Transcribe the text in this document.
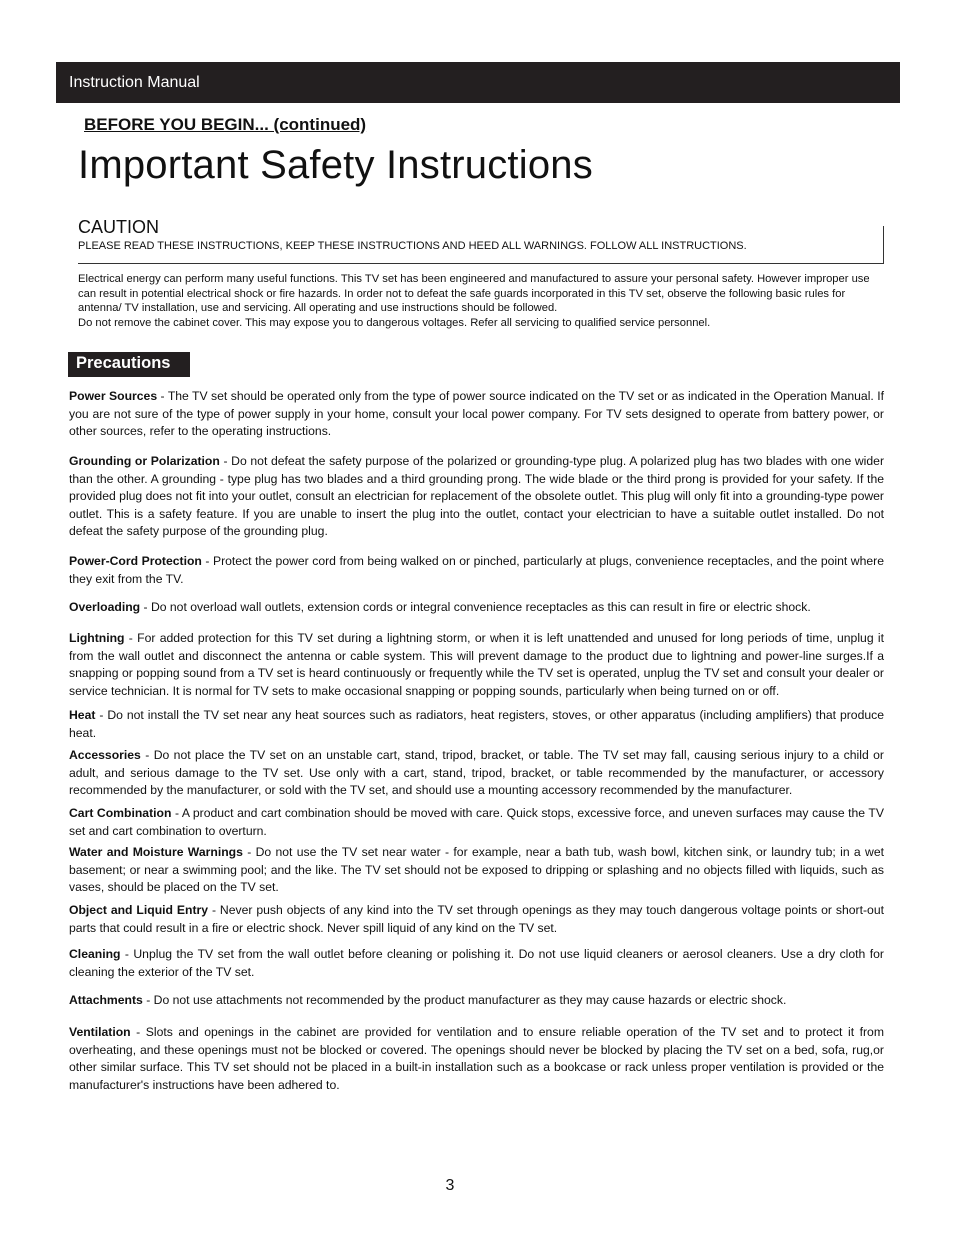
Instruction Manual
BEFORE YOU BEGIN... (continued)
Important Safety Instructions
CAUTION
PLEASE READ THESE INSTRUCTIONS, KEEP THESE INSTRUCTIONS AND HEED ALL WARNINGS. FOLLOW ALL INSTRUCTIONS.

Electrical energy can perform many useful functions. This TV set has been engineered and manufactured to assure your personal safety. However improper use can result in potential electrical shock or fire hazards. In order not to defeat the safe guards incorporated in this TV set, observe the following basic rules for antenna/ TV installation, use and servicing. All operating and use instructions should be followed.

Do not remove the cabinet cover. This may expose you to dangerous voltages. Refer all servicing to qualified service personnel.

Precautions
Power Sources - The TV set should be operated only from the type of power source indicated on the TV set or as indicated in the Operation Manual. If you are not sure of the type of power supply in your home, consult your local power company. For TV sets designed to operate from battery power, or other sources, refer to the operating instructions.
Grounding or Polarization - Do not defeat the safety purpose of the polarized or grounding-type plug. A polarized plug has two blades with one wider than the other. A grounding - type plug has two blades and a third grounding prong. The wide blade or the third prong is provided for your safety. If the provided plug does not fit into your outlet, consult an electrician for replacement of the obsolete outlet. This plug will only fit into a grounding-type power outlet. This is a safety feature. If you are unable to insert the plug into the outlet, contact your electrician to have a suitable outlet installed. Do not defeat the safety purpose of the grounding plug.
Power-Cord Protection - Protect the power cord from being walked on or pinched, particularly at plugs, convenience receptacles, and the point where they exit from the TV.
Overloading - Do not overload wall outlets, extension cords or integral convenience receptacles as this can result in fire or electric shock.
Lightning - For added protection for this TV set during a lightning storm, or when it is left unattended and unused for long periods of time, unplug it from the wall outlet and disconnect the antenna or cable system. This will prevent damage to the product due to lightning and power-line surges.If a snapping or popping sound from a TV set is heard continuously or frequently while the TV set is operated, unplug the TV set and consult your dealer or service technician. It is normal for TV sets to make occasional snapping or popping sounds, particularly when being turned on or off.
Heat - Do not install the TV set near any heat sources such as radiators, heat registers, stoves, or other apparatus (including amplifiers) that produce heat.
Accessories - Do not place the TV set on an unstable cart, stand, tripod, bracket, or table. The TV set may fall, causing serious injury to a child or adult, and serious damage to the TV set. Use only with a cart, stand, tripod, bracket, or table recommended by the manufacturer, or accessory recommended by the manufacturer, or sold with the TV set, and should use a mounting accessory recommended by the manufacturer.
Cart Combination - A product and cart combination should be moved with care. Quick stops, excessive force, and uneven surfaces may cause the TV set and cart combination to overturn.
Water and Moisture Warnings - Do not use the TV set near water - for example, near a bath tub, wash bowl, kitchen sink, or laundry tub; in a wet basement; or near a swimming pool; and the like. The TV set should not be exposed to dripping or splashing and no objects filled with liquids, such as vases, should be placed on the TV set.
Object and Liquid Entry - Never push objects of any kind into the TV set through openings as they may touch dangerous voltage points or short-out parts that could result in a fire or electric shock. Never spill liquid of any kind on the TV set.
Cleaning - Unplug the TV set from the wall outlet before cleaning or polishing it. Do not use liquid cleaners or aerosol cleaners. Use a dry cloth for cleaning the exterior of the TV set.
Attachments - Do not use attachments not recommended by the product manufacturer as they may cause hazards or electric shock.
Ventilation - Slots and openings in the cabinet are provided for ventilation and to ensure reliable operation of the TV set and to protect it from overheating, and these openings must not be blocked or covered. The openings should never be blocked by placing the TV set on a bed, sofa, rug,or other similar surface. This TV set should not be placed in a built-in installation such as a bookcase or rack unless proper ventilation is provided or the manufacturer's instructions have been adhered to.
3
